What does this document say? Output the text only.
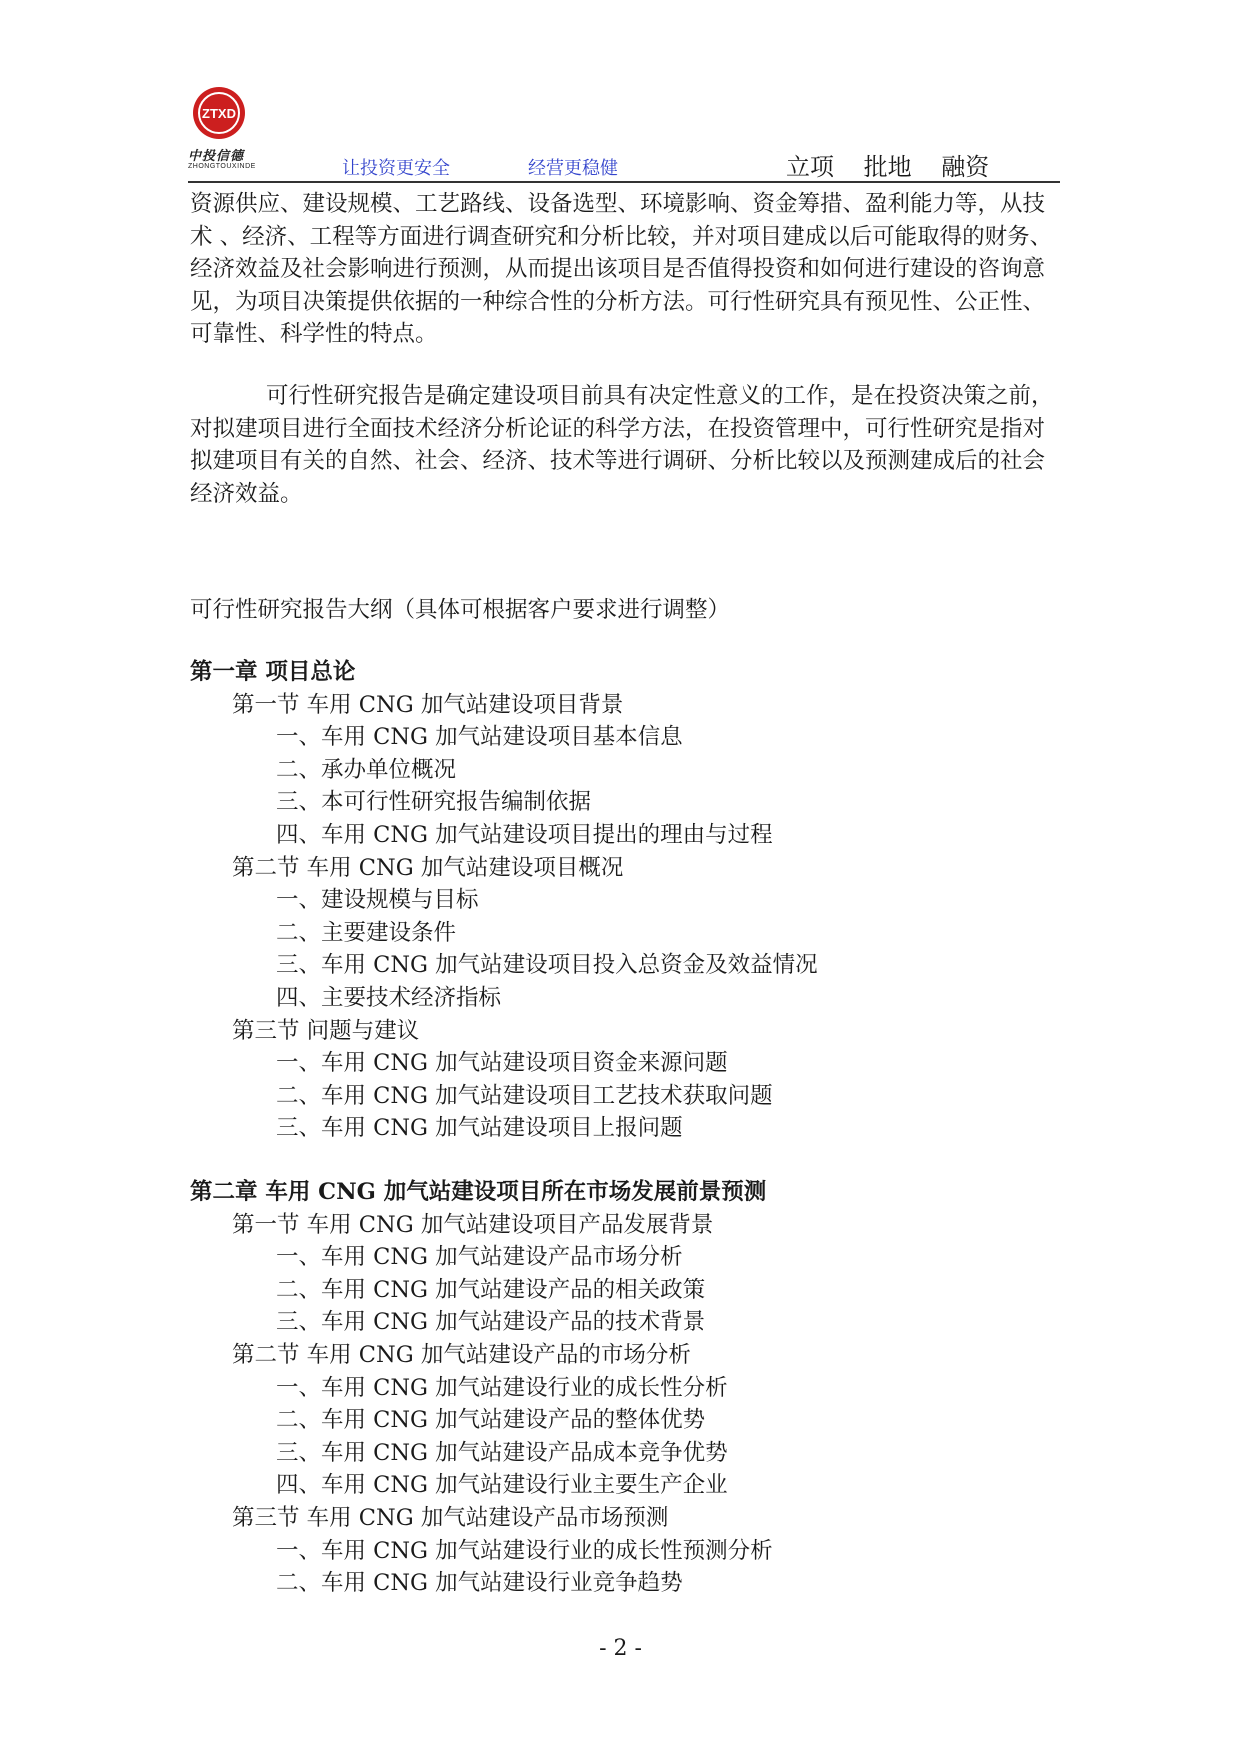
ZTXD
中投信德
ZHONGTOUXINDE	让投资更安全	经营更稳健	立项 批地 融资
资源供应、建设规模、工艺路线、设备选型、环境影响、资金筹措、盈利能力等，从技术 、经济、工程等方面进行调查研究和分析比较，并对项目建成以后可能取得的财务、经济效益及社会影响进行预测，从而提出该项目是否值得投资和如何进行建设的咨询意见，为项目决策提供依据的一种综合性的分析方法。可行性研究具有预见性、公正性、可靠性、科学性的特点。
可行性研究报告是确定建设项目前具有决定性意义的工作，是在投资决策之前，对拟建项目进行全面技术经济分析论证的科学方法，在投资管理中，可行性研究是指对拟建项目有关的自然、社会、经济、技术等进行调研、分析比较以及预测建成后的社会经济效益。
可行性研究报告大纲（具体可根据客户要求进行调整）
第一章 项目总论
第一节 车用 CNG 加气站建设项目背景
一、车用 CNG 加气站建设项目基本信息
二、承办单位概况
三、本可行性研究报告编制依据
四、车用 CNG 加气站建设项目提出的理由与过程
第二节 车用 CNG 加气站建设项目概况
一、建设规模与目标
二、主要建设条件
三、车用 CNG 加气站建设项目投入总资金及效益情况
四、主要技术经济指标
第三节 问题与建议
一、车用 CNG 加气站建设项目资金来源问题
二、车用 CNG 加气站建设项目工艺技术获取问题
三、车用 CNG 加气站建设项目上报问题
第二章 车用 CNG 加气站建设项目所在市场发展前景预测
第一节 车用 CNG 加气站建设项目产品发展背景
一、车用 CNG 加气站建设产品市场分析
二、车用 CNG 加气站建设产品的相关政策
三、车用 CNG 加气站建设产品的技术背景
第二节 车用 CNG 加气站建设产品的市场分析
一、车用 CNG 加气站建设行业的成长性分析
二、车用 CNG 加气站建设产品的整体优势
三、车用 CNG 加气站建设产品成本竞争优势
四、车用 CNG 加气站建设行业主要生产企业
第三节 车用 CNG 加气站建设产品市场预测
一、车用 CNG 加气站建设行业的成长性预测分析
二、车用 CNG 加气站建设行业竞争趋势
- 2 -
